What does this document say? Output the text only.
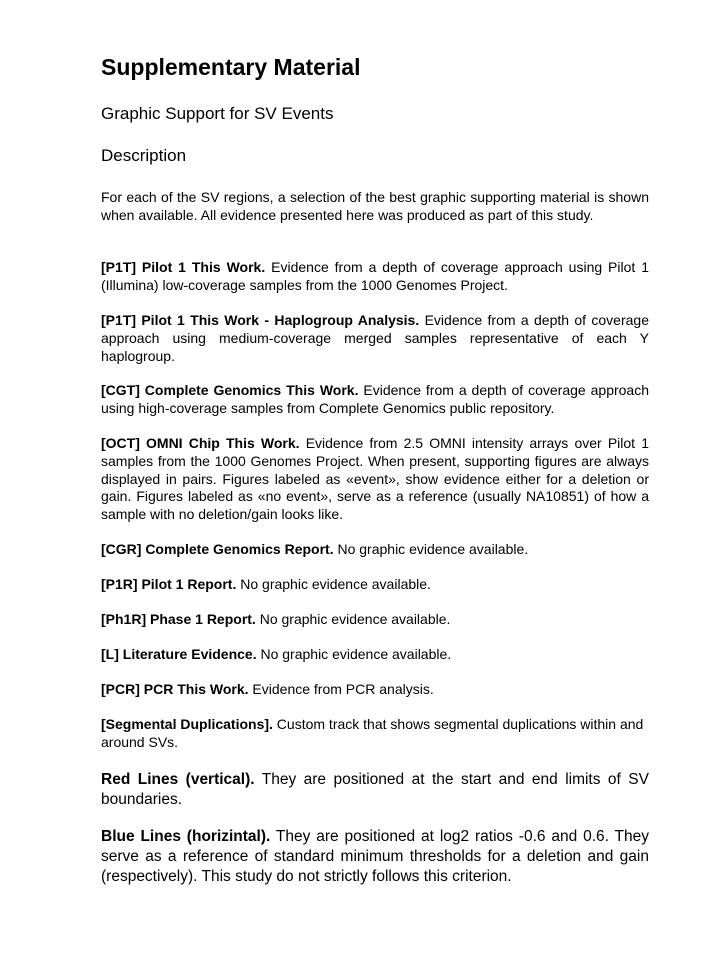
Supplementary Material
Graphic Support for SV Events
Description

For each of the SV regions, a selection of the best graphic supporting material is shown when available. All evidence presented here was produced as part of this study.

[P1T] Pilot 1 This Work. Evidence from a depth of coverage approach using Pilot 1 (Illumina) low-coverage samples from the 1000 Genomes Project.

[P1T] Pilot 1 This Work - Haplogroup Analysis. Evidence from a depth of coverage approach using medium-coverage merged samples representative of each Y haplogroup.

[CGT] Complete Genomics This Work. Evidence from a depth of coverage approach using high-coverage samples from Complete Genomics public repository.

[OCT] OMNI Chip This Work. Evidence from 2.5 OMNI intensity arrays over Pilot 1 samples from the 1000 Genomes Project. When present, supporting figures are always displayed in pairs. Figures labeled as «event», show evidence either for a deletion or gain. Figures labeled as «no event», serve as a reference (usually NA10851) of how a sample with no deletion/gain looks like.

[CGR] Complete Genomics Report. No graphic evidence available.

[P1R] Pilot 1 Report. No graphic evidence available.

[Ph1R] Phase 1 Report. No graphic evidence available.

[L] Literature Evidence. No graphic evidence available.

[PCR] PCR This Work. Evidence from PCR analysis.

[Segmental Duplications]. Custom track that shows segmental duplications within and around SVs.

Red Lines (vertical). They are positioned at the start and end limits of SV boundaries.

Blue Lines (horizintal). They are positioned at log2 ratios -0.6 and 0.6. They serve as a reference of standard minimum thresholds for a deletion and gain (respectively). This study do not strictly follows this criterion.
